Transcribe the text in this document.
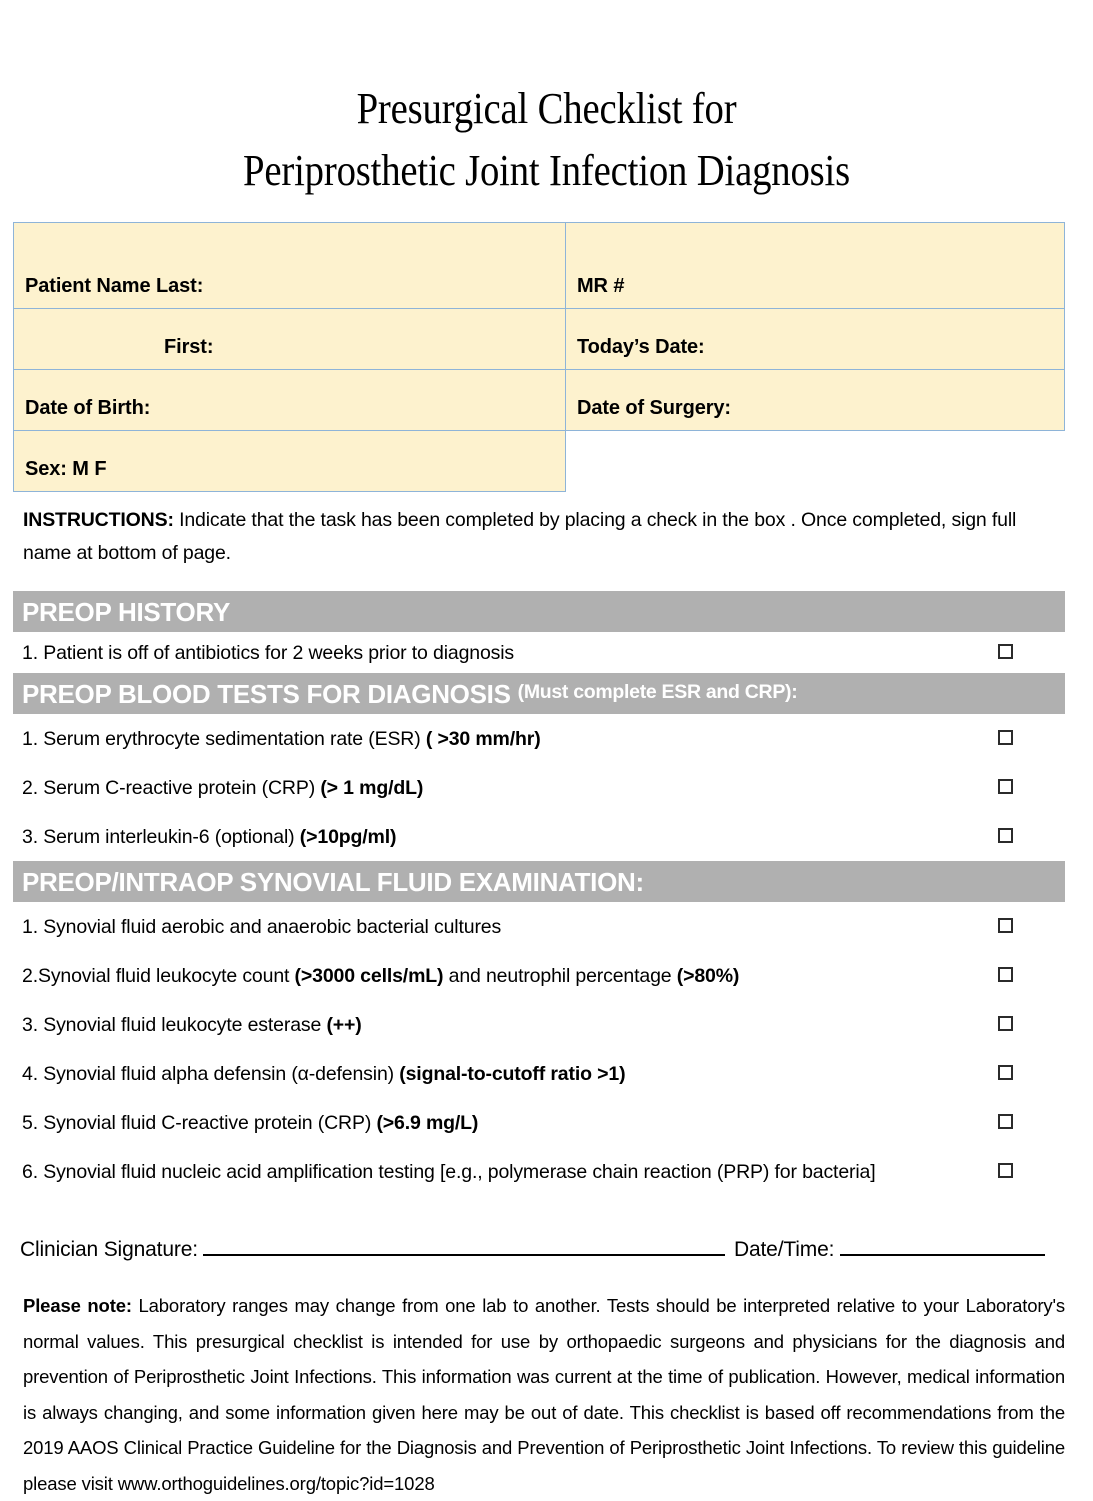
Presurgical Checklist for
Periprosthetic Joint Infection Diagnosis
Patient Name Last:	MR #
First:	Today’s Date:
Date of Birth:	Date of Surgery:
Sex: M F	
INSTRUCTIONS: Indicate that the task has been completed by placing a check in the box . Once completed, sign full name at bottom of page.
PREOP HISTORY
1. Patient is off of antibiotics for 2 weeks prior to diagnosis
PREOP BLOOD TESTS FOR DIAGNOSIS (Must complete ESR and CRP):
1. Serum erythrocyte sedimentation rate (ESR) ( >30 mm/hr)
2. Serum C-reactive protein (CRP) (> 1 mg/dL)
3. Serum interleukin-6 (optional) (>10pg/ml)
PREOP/INTRAOP SYNOVIAL FLUID EXAMINATION:
1. Synovial fluid aerobic and anaerobic bacterial cultures
2.Synovial fluid leukocyte count (>3000 cells/mL) and neutrophil percentage (>80%)
3. Synovial fluid leukocyte esterase (++)
4. Synovial fluid alpha defensin (α-defensin) (signal-to-cutoff ratio >1)
5. Synovial fluid C-reactive protein (CRP) (>6.9 mg/L)
6. Synovial fluid nucleic acid amplification testing [e.g., polymerase chain reaction (PRP) for bacteria]
Clinician Signature:	Date/Time:
Please note: Laboratory ranges may change from one lab to another. Tests should be interpreted relative to your Laboratory's normal values. This presurgical checklist is intended for use by orthopaedic surgeons and physicians for the diagnosis and prevention of Periprosthetic Joint Infections. This information was current at the time of publication. However, medical information is always changing, and some information given here may be out of date. This checklist is based off recommendations from the 2019 AAOS Clinical Practice Guideline for the Diagnosis and Prevention of Periprosthetic Joint Infections. To review this guideline please visit www.orthoguidelines.org/topic?id=1028
